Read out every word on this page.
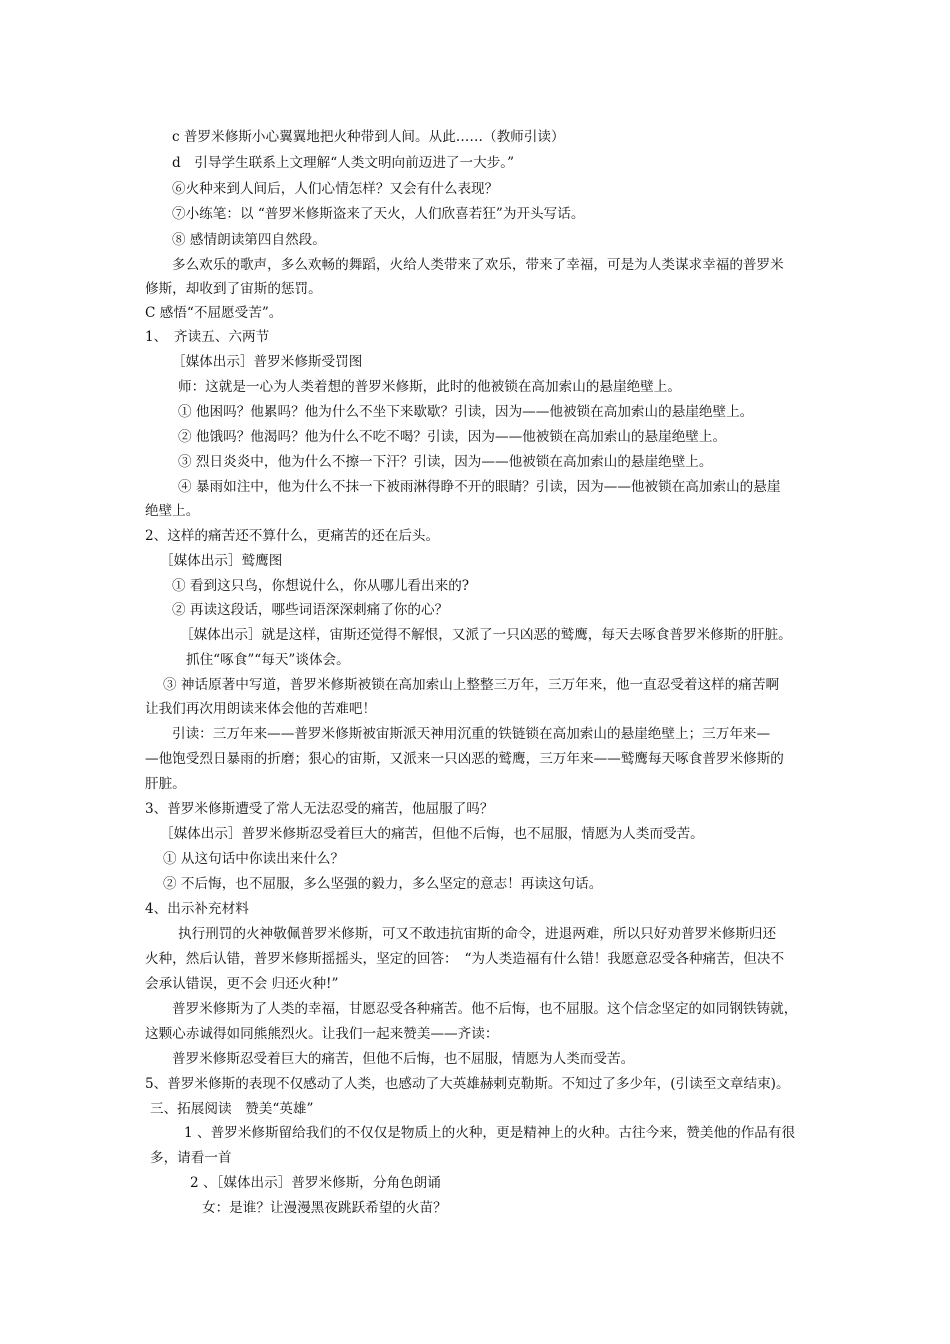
c 普罗米修斯小心翼翼地把火种带到人间。从此……（教师引读）
d　引导学生联系上文理解“人类文明向前迈进了一大步。”
⑥火种来到人间后，人们心情怎样？又会有什么表现？
⑦小练笔：以 “普罗米修斯盗来了天火，人们欣喜若狂”为开头写话。
⑧ 感情朗读第四自然段。
多么欢乐的歌声，多么欢畅的舞蹈，火给人类带来了欢乐，带来了幸福，可是为人类谋求幸福的普罗米
修斯，却收到了宙斯的惩罚。
C 感悟“不屈愿受苦”。
1、　齐读五、六两节
［媒体出示］普罗米修斯受罚图
师：这就是一心为人类着想的普罗米修斯，此时的他被锁在高加索山的悬崖绝壁上。
① 他困吗？他累吗？他为什么不坐下来歇歇？引读，因为——他被锁在高加索山的悬崖绝壁上。
② 他饿吗？他渴吗？他为什么不吃不喝？引读，因为——他被锁在高加索山的悬崖绝壁上。
③ 烈日炎炎中，他为什么不擦一下汗？引读，因为——他被锁在高加索山的悬崖绝壁上。
④ 暴雨如注中，他为什么不抹一下被雨淋得睁不开的眼睛？引读，因为——他被锁在高加索山的悬崖
绝壁上。
2、这样的痛苦还不算什么，更痛苦的还在后头。
［媒体出示］鹫鹰图
① 看到这只鸟，你想说什么，你从哪儿看出来的?
② 再读这段话，哪些词语深深刺痛了你的心？
［媒体出示］就是这样，宙斯还觉得不解恨，又派了一只凶恶的鹫鹰，每天去啄食普罗米修斯的肝脏。
抓住“啄食”“每天”谈体会。
③ 神话原著中写道，普罗米修斯被锁在高加索山上整整三万年，三万年来，他一直忍受着这样的痛苦啊
让我们再次用朗读来体会他的苦难吧！
引读：三万年来——普罗米修斯被宙斯派天神用沉重的铁链锁在高加索山的悬崖绝壁上；三万年来—
—他饱受烈日暴雨的折磨；狠心的宙斯，又派来一只凶恶的鹫鹰，三万年来——鹫鹰每天啄食普罗米修斯的
肝脏。
3、普罗米修斯遭受了常人无法忍受的痛苦，他屈服了吗？
［媒体出示］普罗米修斯忍受着巨大的痛苦，但他不后悔，也不屈服，情愿为人类而受苦。
① 从这句话中你读出来什么？
② 不后悔，也不屈服，多么坚强的毅力，多么坚定的意志！再读这句话。
4、出示补充材料
执行刑罚的火神敬佩普罗米修斯，可又不敢违抗宙斯的命令，进退两难，所以只好劝普罗米修斯归还
火种，然后认错，普罗米修斯摇摇头，坚定的回答：　“为人类造福有什么错！我愿意忍受各种痛苦，但决不
会承认错误，更不会 归还火种!”
普罗米修斯为了人类的幸福，甘愿忍受各种痛苦。他不后悔，也不屈服。这个信念坚定的如同钢铁铸就，
这颗心赤诚得如同熊熊烈火。让我们一起来赞美——齐读：
普罗米修斯忍受着巨大的痛苦，但他不后悔，也不屈服，情愿为人类而受苦。
5、普罗米修斯的表现不仅感动了人类，也感动了大英雄赫剌克勒斯。不知过了多少年，(引读至文章结束)。
三、拓展阅读　赞美“英雄”
1 、普罗米修斯留给我们的不仅仅是物质上的火种，更是精神上的火种。古往今来，赞美他的作品有很
多，请看一首
2 、［媒体出示］普罗米修斯，分角色朗诵
女：是谁？让漫漫黑夜跳跃希望的火苗？
